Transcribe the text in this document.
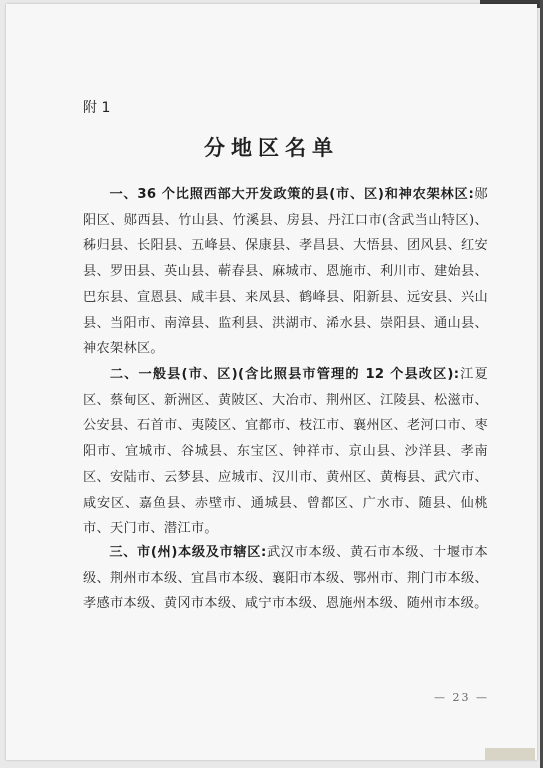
附 1
分地区名单
一、36 个比照西部大开发政策的县(市、区)和神农架林区:郧阳区、郧西县、竹山县、竹溪县、房县、丹江口市(含武当山特区)、秭归县、长阳县、五峰县、保康县、孝昌县、大悟县、团风县、红安县、罗田县、英山县、蕲春县、麻城市、恩施市、利川市、建始县、巴东县、宣恩县、咸丰县、来凤县、鹤峰县、阳新县、远安县、兴山县、当阳市、南漳县、监利县、洪湖市、浠水县、崇阳县、通山县、神农架林区。
二、一般县(市、区)(含比照县市管理的 12 个县改区):江夏区、蔡甸区、新洲区、黄陂区、大冶市、荆州区、江陵县、松滋市、公安县、石首市、夷陵区、宜都市、枝江市、襄州区、老河口市、枣阳市、宜城市、谷城县、东宝区、钟祥市、京山县、沙洋县、孝南区、安陆市、云梦县、应城市、汉川市、黄州区、黄梅县、武穴市、咸安区、嘉鱼县、赤壁市、通城县、曾都区、广水市、随县、仙桃市、天门市、潜江市。
三、市(州)本级及市辖区:武汉市本级、黄石市本级、十堰市本级、荆州市本级、宜昌市本级、襄阳市本级、鄂州市、荆门市本级、孝感市本级、黄冈市本级、咸宁市本级、恩施州本级、随州市本级。
— 23 —
